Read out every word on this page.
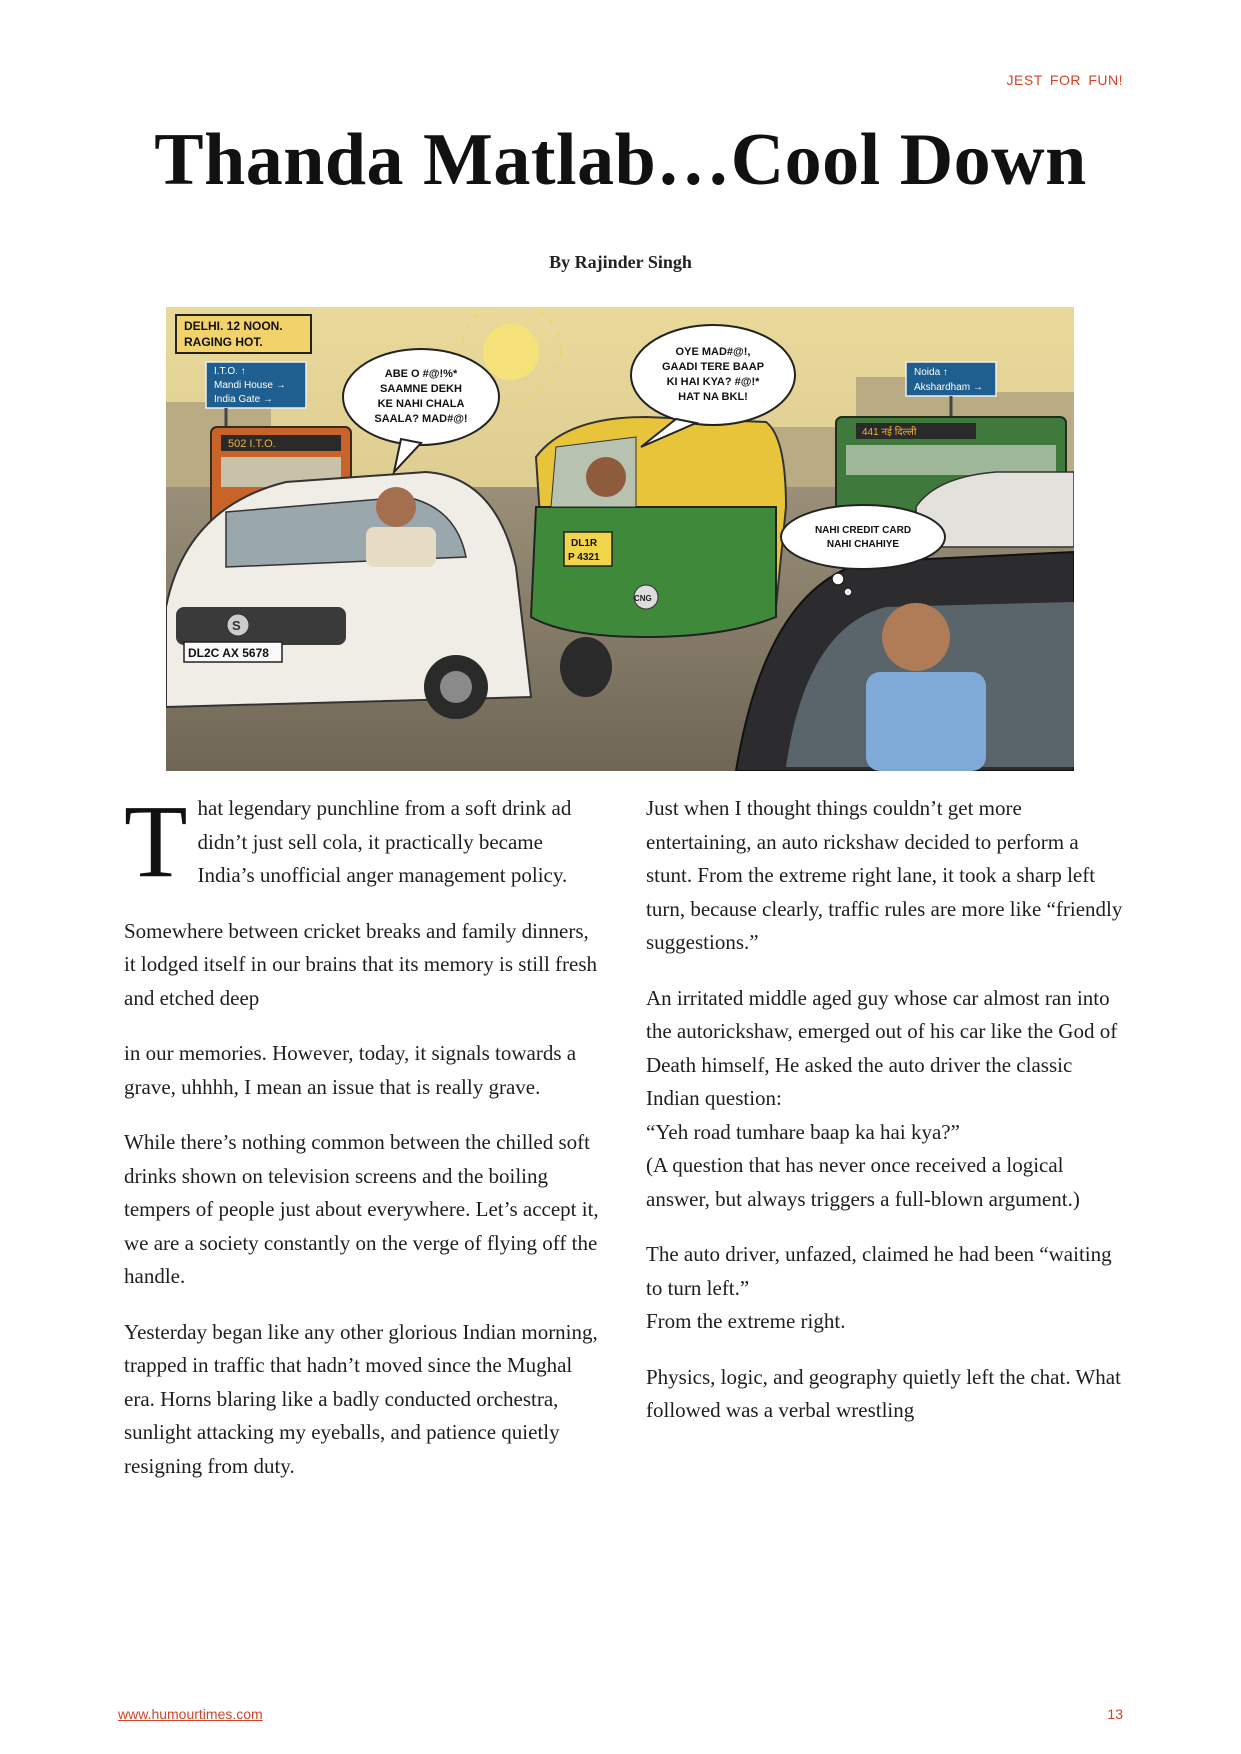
JEST FOR FUN!
Thanda Matlab…Cool Down
By Rajinder Singh
DELHI. 12 NOON.
RAGING HOT.
I.T.O. ↑
Mandi House →
India Gate →
Noida ↑
Akshardham →
502 I.T.O.
441 नई दिल्ली
S
DL2C AX 5678
DL1R
P 4321
CNG
ABE O #@!%*
SAAMNE DEKH
KE NAHI CHALA
SAALA? MAD#@!
OYE MAD#@!,
GAADI TERE BAAP
KI HAI KYA? #@!*
HAT NA BKL!
NAHI CREDIT CARD
NAHI CHAHIYE

That legendary punchline from a soft drink ad didn’t just sell cola, it practically became India’s unofficial anger management policy.

Somewhere between cricket breaks and family dinners, it lodged itself in our brains that its memory is still fresh and etched deep

in our memories. However, today, it signals towards a grave, uhhhh, I mean an issue that is really grave.

While there’s nothing common between the chilled soft drinks shown on television screens and the boiling tempers of people just about everywhere. Let’s accept it, we are a society constantly on the verge of flying off the handle.

Yesterday began like any other glorious Indian morning, trapped in traffic that hadn’t moved since the Mughal era. Horns blaring like a badly conducted orchestra, sunlight attacking my eyeballs, and patience quietly resigning from duty.

Just when I thought things couldn’t get more entertaining, an auto rickshaw decided to perform a stunt. From the extreme right lane, it took a sharp left turn, because clearly, traffic rules are more like “friendly suggestions.”

An irritated middle aged guy whose car almost ran into the autorickshaw, emerged out of his car like the God of Death himself, He asked the auto driver the classic Indian question:

“Yeh road tumhare baap ka hai kya?”

(A question that has never once received a logical answer, but always triggers a full-blown argument.)

The auto driver, unfazed, claimed he had been “waiting to turn left.”

From the extreme right.

Physics, logic, and geography quietly left the chat. What followed was a verbal wrestling

www.humourtimes.com	13
